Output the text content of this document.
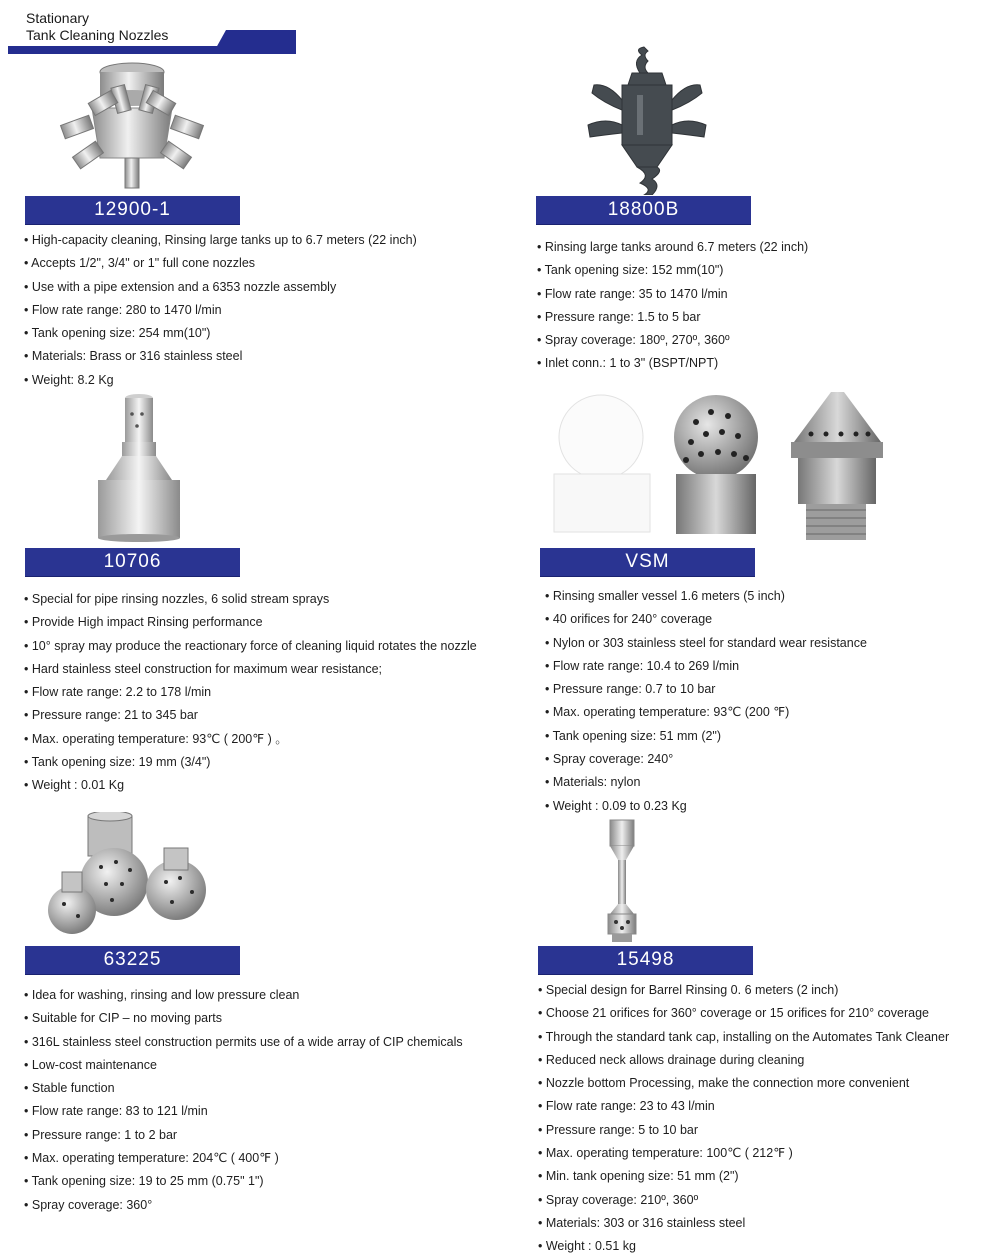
Stationary
Tank Cleaning Nozzles
12900-1	18800B
10706	VSM
63225	15498
• High-capacity cleaning, Rinsing large tanks up to 6.7 meters (22 inch)
• Accepts 1/2", 3/4" or 1" full cone nozzles
• Use with a pipe extension and a 6353 nozzle assembly
• Flow rate range: 280 to 1470 l/min
• Tank opening size: 254 mm(10")
• Materials: Brass or 316 stainless steel
• Weight: 8.2 Kg
• Rinsing large tanks around 6.7 meters (22 inch)
• Tank opening size: 152 mm(10")
• Flow rate range: 35 to 1470 l/min
• Pressure range: 1.5 to 5 bar
• Spray coverage: 180º, 270º, 360º
• Inlet conn.: 1 to 3" (BSPT/NPT)
• Special for pipe rinsing nozzles, 6 solid stream sprays
• Provide High impact Rinsing performance
• 10° spray may produce the reactionary force of cleaning liquid rotates the nozzle
• Hard stainless steel construction for maximum wear resistance;
• Flow rate range: 2.2 to 178 l/min
• Pressure range: 21 to 345 bar
• Max. operating temperature: 93℃ ( 200℉ ) 。
• Tank opening size: 19 mm (3/4")
• Weight : 0.01 Kg
• Rinsing smaller vessel 1.6 meters (5 inch)
• 40 orifices for 240° coverage
• Nylon or 303 stainless steel for standard wear resistance
• Flow rate range: 10.4 to 269 l/min
• Pressure range: 0.7 to 10 bar
• Max. operating temperature: 93℃ (200 ℉)
• Tank opening size: 51 mm (2")
• Spray coverage: 240°
• Materials: nylon
• Weight : 0.09 to 0.23 Kg
• Idea for washing, rinsing and low pressure clean
• Suitable for CIP – no moving parts
• 316L stainless steel construction permits use of a wide array of CIP chemicals
• Low-cost maintenance
• Stable function
• Flow rate range: 83 to 121 l/min
• Pressure range: 1 to 2 bar
• Max. operating temperature: 204℃ ( 400℉ )
• Tank opening size: 19 to 25 mm (0.75" 1")
• Spray coverage: 360°
• Special design for Barrel Rinsing 0. 6 meters (2 inch)
• Choose 21 orifices for 360° coverage or 15 orifices for 210° coverage
• Through the standard tank cap, installing on the Automates Tank Cleaner
• Reduced neck allows drainage during cleaning
• Nozzle bottom Processing, make the connection more convenient
• Flow rate range: 23 to 43 l/min
• Pressure range: 5 to 10 bar
• Max. operating temperature: 100℃ ( 212℉ )
• Min. tank opening size: 51 mm (2")
• Spray coverage: 210º, 360º
• Materials: 303 or 316 stainless steel
• Weight : 0.51 kg
